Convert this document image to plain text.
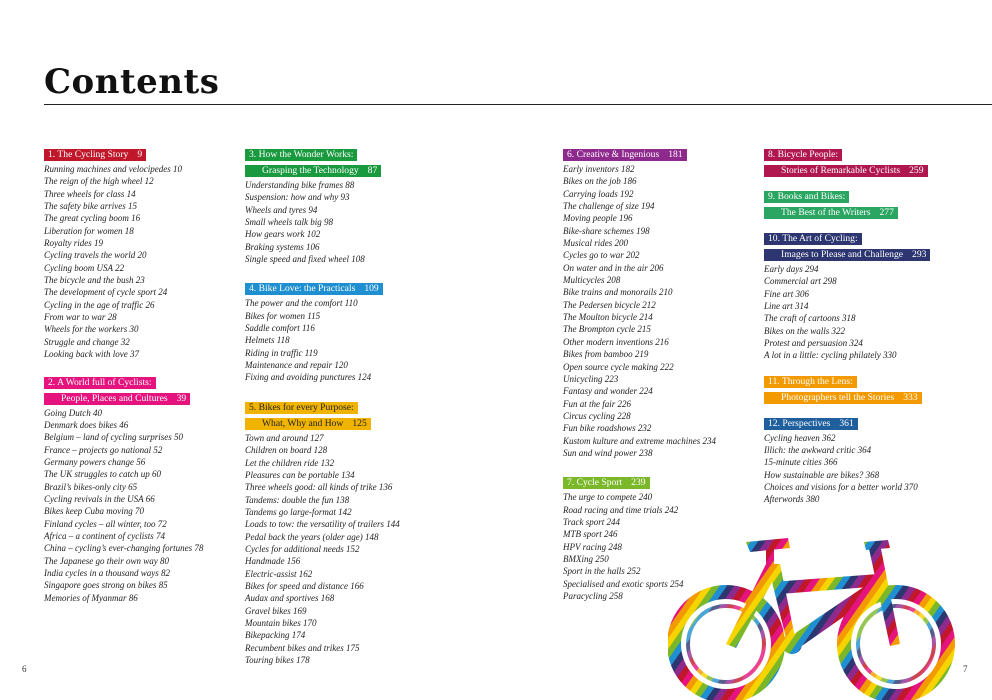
Contents
1. The Cycling Story 9
Running machines and velocipedes 10
The reign of the high wheel 12
Three wheels for class 14
The safety bike arrives 15
The great cycling boom 16
Liberation for women 18
Royalty rides 19
Cycling travels the world 20
Cycling boom USA 22
The bicycle and the bush 23
The development of cycle sport 24
Cycling in the age of traffic 26
From war to war 28
Wheels for the workers 30
Struggle and change 32
Looking back with love 37
2. A World full of Cyclists:
People, Places and Cultures 39
Going Dutch 40
Denmark does bikes 46
Belgium – land of cycling surprises 50
France – projects go national 52
Germany powers change 56
The UK struggles to catch up 60
Brazil’s bikes-only city 65
Cycling revivals in the USA 66
Bikes keep Cuba moving 70
Finland cycles – all winter, too 72
Africa – a continent of cyclists 74
China – cycling’s ever-changing fortunes 78
The Japanese go their own way 80
India cycles in a thousand ways 82
Singapore goes strong on bikes 85
Memories of Myanmar 86
3. How the Wonder Works:
Grasping the Technology 87
Understanding bike frames 88
Suspension: how and why 93
Wheels and tyres 94
Small wheels talk big 98
How gears work 102
Braking systems 106
Single speed and fixed wheel 108
4. Bike Love: the Practicals 109
The power and the comfort 110
Bikes for women 115
Saddle comfort 116
Helmets 118
Riding in traffic 119
Maintenance and repair 120
Fixing and avoiding punctures 124
5. Bikes for every Purpose:
What, Why and How 125
Town and around 127
Children on board 128
Let the children ride 132
Pleasures can be portable 134
Three wheels good: all kinds of trike 136
Tandems: double the fun 138
Tandems go large-format 142
Loads to tow: the versatility of trailers 144
Pedal back the years (older age) 148
Cycles for additional needs 152
Handmade 156
Electric-assist 162
Bikes for speed and distance 166
Audax and sportives 168
Gravel bikes 169
Mountain bikes 170
Bikepacking 174
Recumbent bikes and trikes 175
Touring bikes 178
6. Creative & Ingenious 181
Early inventors 182
Bikes on the job 186
Carrying loads 192
The challenge of size 194
Moving people 196
Bike-share schemes 198
Musical rides 200
Cycles go to war 202
On water and in the air 206
Multicycles 208
Bike trains and monorails 210
The Pedersen bicycle 212
The Moulton bicycle 214
The Brompton cycle 215
Other modern inventions 216
Bikes from bamboo 219
Open source cycle making 222
Unicycling 223
Fantasy and wonder 224
Fun at the fair 226
Circus cycling 228
Fun bike roadshows 232
Kustom kulture and extreme machines 234
Sun and wind power 238
7. Cycle Sport 239
The urge to compete 240
Road racing and time trials 242
Track sport 244
MTB sport 246
HPV racing 248
BMXing 250
Sport in the halls 252
Specialised and exotic sports 254
Paracycling 258
8. Bicycle People:
Stories of Remarkable Cyclists 259
9. Books and Bikes:
The Best of the Writers 277
10. The Art of Cycling:
Images to Please and Challenge 293
Early days 294
Commercial art 298
Fine art 306
Line art 314
The craft of cartoons 318
Bikes on the walls 322
Protest and persuasion 324
A lot in a little: cycling philately 330
11. Through the Lens:
Photographers tell the Stories 333
12. Perspectives 361
Cycling heaven 362
Illich: the awkward critic 364
15-minute cities 366
How sustainable are bikes? 368
Choices and visions for a better world 370
Afterwords 380
6	7
